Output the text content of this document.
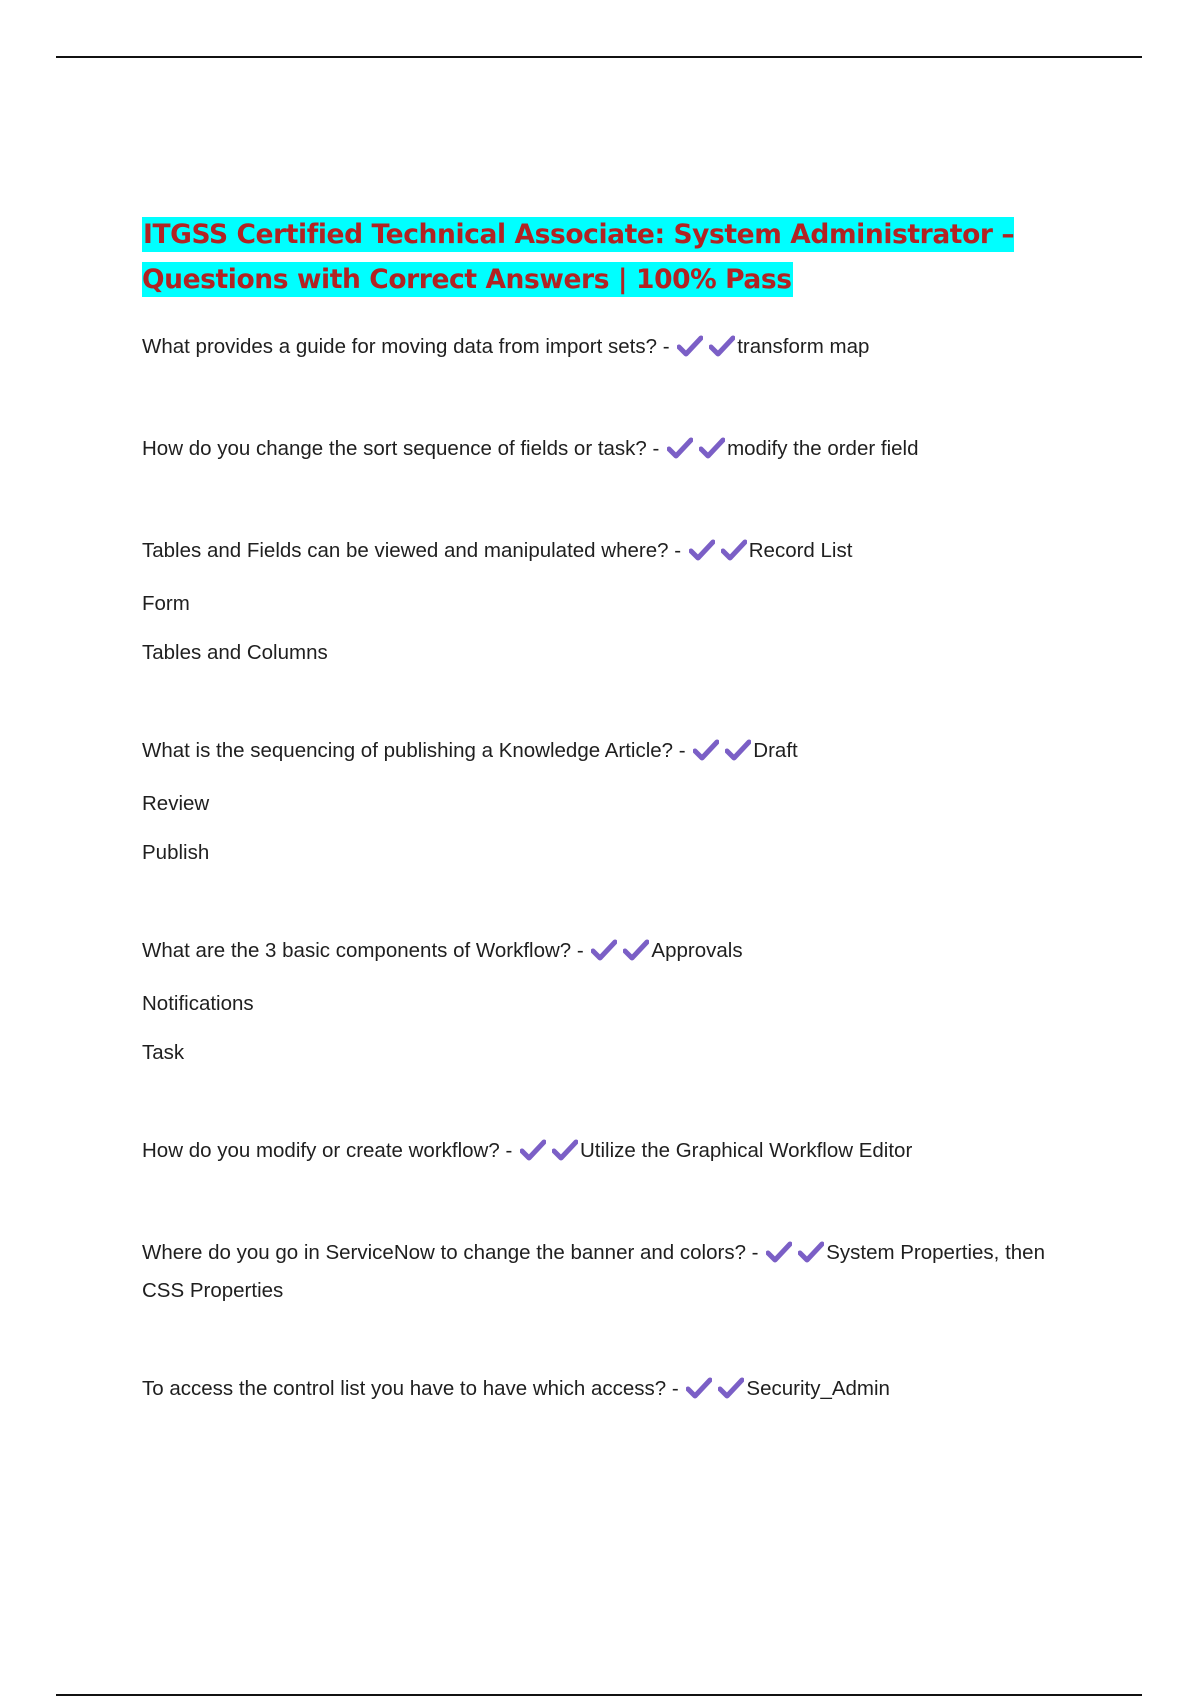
ITGSS Certified Technical Associate: System Administrator – Questions with Correct Answers | 100% Pass

What provides a guide for moving data from import sets? -	transform map

How do you change the sort sequence of fields or task? -	modify the order field

Tables and Fields can be viewed and manipulated where? -	Record List

Form

Tables and Columns

What is the sequencing of publishing a Knowledge Article? -	Draft

Review

Publish

What are the 3 basic components of Workflow? -	Approvals

Notifications

Task

How do you modify or create workflow? -	Utilize the Graphical Workflow Editor

Where do you go in ServiceNow to change the banner and colors? -	System Properties, then CSS Properties

To access the control list you have to have which access? -	Security_Admin
